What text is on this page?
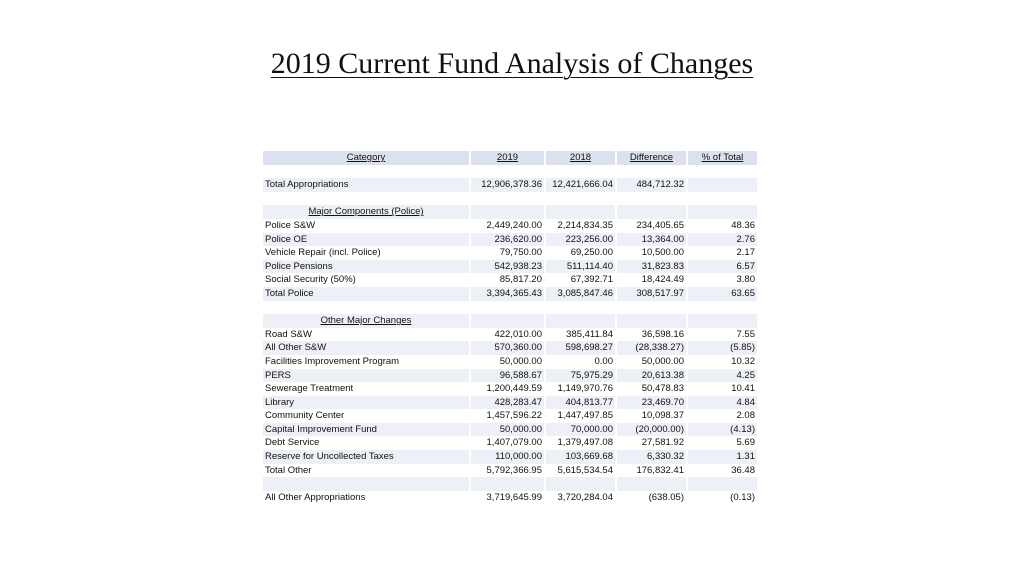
2019 Current Fund Analysis of Changes
Category	2019	2018	Difference	% of Total

Total Appropriations	12,906,378.36	12,421,666.04	484,712.32	

Major Components (Police)				
Police S&W	2,449,240.00	2,214,834.35	234,405.65	48.36
Police OE	236,620.00	223,256.00	13,364.00	2.76
Vehicle Repair (incl. Police)	79,750.00	69,250.00	10,500.00	2.17
Police Pensions	542,938.23	511,114.40	31,823.83	6.57
Social Security (50%)	85,817.20	67,392.71	18,424.49	3.80
Total Police	3,394,365.43	3,085,847.46	308,517.97	63.65

Other Major Changes				
Road S&W	422,010.00	385,411.84	36,598.16	7.55
All Other S&W	570,360.00	598,698.27	(28,338.27)	(5.85)
Facilities Improvement Program	50,000.00	0.00	50,000.00	10.32
PERS	96,588.67	75,975.29	20,613.38	4.25
Sewerage Treatment	1,200,449.59	1,149,970.76	50,478.83	10.41
Library	428,283.47	404,813.77	23,469.70	4.84
Community Center	1,457,596.22	1,447,497.85	10,098.37	2.08
Capital Improvement Fund	50,000.00	70,000.00	(20,000.00)	(4.13)
Debt Service	1,407,079.00	1,379,497.08	27,581.92	5.69
Reserve for Uncollected Taxes	110,000.00	103,669.68	6,330.32	1.31
Total Other	5,792,366.95	5,615,534.54	176,832.41	36.48

All Other Appropriations	3,719,645.99	3,720,284.04	(638.05)	(0.13)
